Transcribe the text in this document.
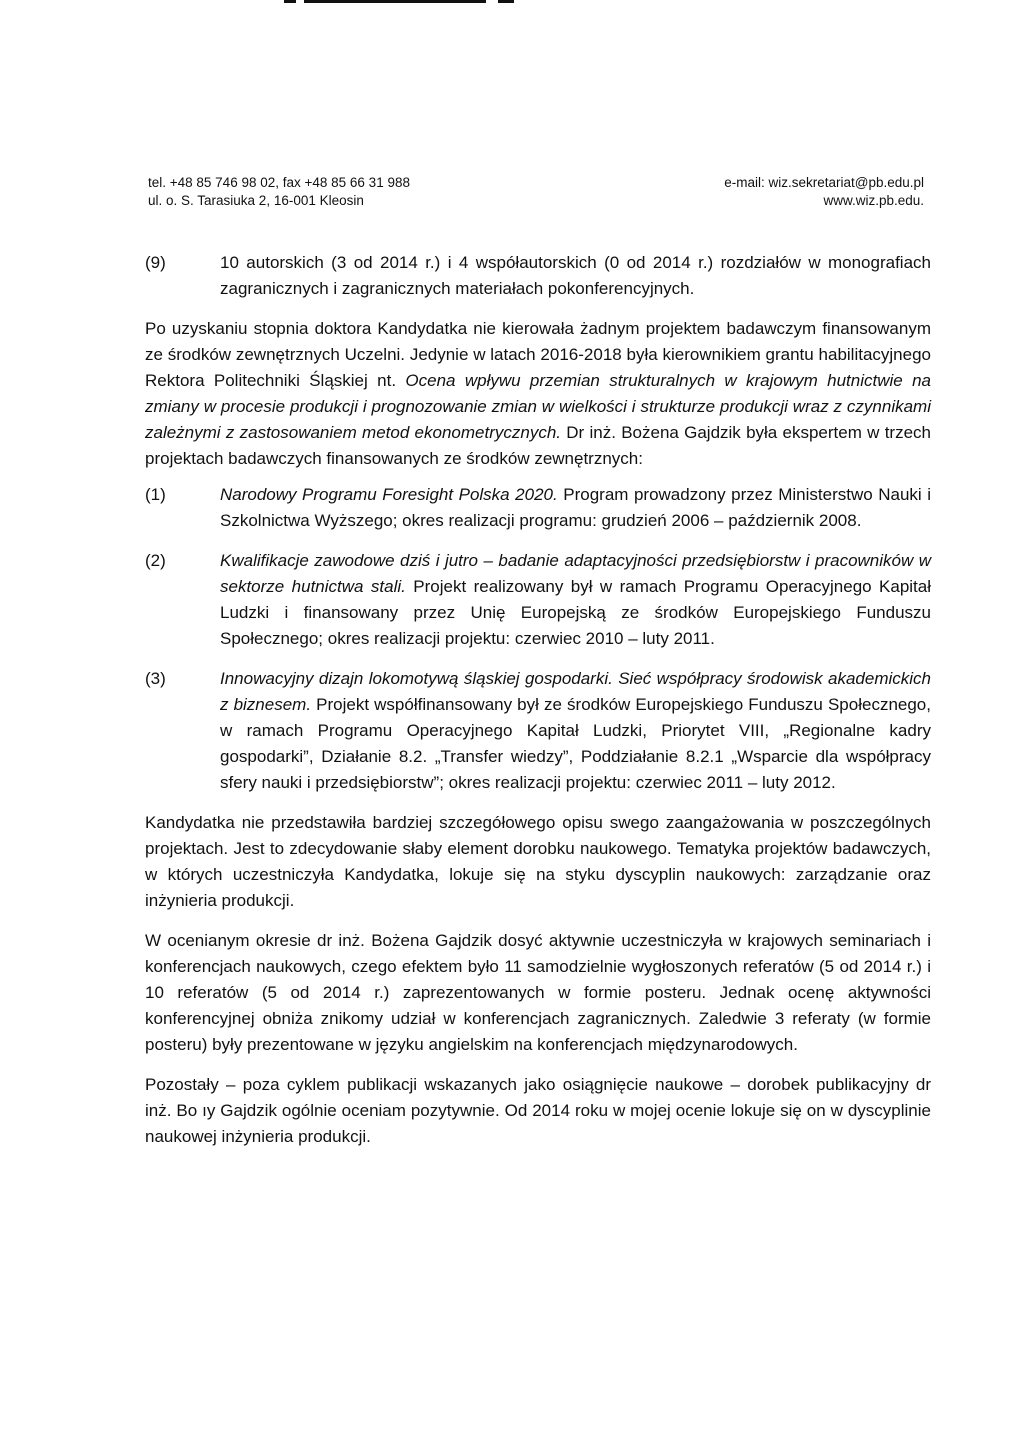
tel. +48 85 746 98 02, fax +48 85 66 31 988
ul. o. S. Tarasiuka 2, 16-001 Kleosin
e-mail: wiz.sekretariat@pb.edu.pl
www.wiz.pb.edu.
(9)	10 autorskich (3 od 2014 r.) i 4 współautorskich (0 od 2014 r.) rozdziałów w monografiach zagranicznych i zagranicznych materiałach pokonferencyjnych.

Po uzyskaniu stopnia doktora Kandydatka nie kierowała żadnym projektem badawczym finansowanym ze środków zewnętrznych Uczelni. Jedynie w latach 2016-2018 była kierownikiem grantu habilitacyjnego Rektora Politechniki Śląskiej nt. Ocena wpływu przemian strukturalnych w krajowym hutnictwie na zmiany w procesie produkcji i prognozowanie zmian w wielkości i strukturze produkcji wraz z czynnikami zależnymi z zastosowaniem metod ekonometrycznych. Dr inż. Bożena Gajdzik była ekspertem w trzech projektach badawczych finansowanych ze środków zewnętrznych:

(1)	Narodowy Programu Foresight Polska 2020. Program prowadzony przez Ministerstwo Nauki i Szkolnictwa Wyższego; okres realizacji programu: grudzień 2006 – październik 2008.
(2)	Kwalifikacje zawodowe dziś i jutro – badanie adaptacyjności przedsiębiorstw i pracowników w sektorze hutnictwa stali. Projekt realizowany był w ramach Programu Operacyjnego Kapitał Ludzki i finansowany przez Unię Europejską ze środków Europejskiego Funduszu Społecznego; okres realizacji projektu: czerwiec 2010 – luty 2011.
(3)	Innowacyjny dizajn lokomotywą śląskiej gospodarki. Sieć współpracy środowisk akademickich z biznesem. Projekt współfinansowany był ze środków Europejskiego Funduszu Społecznego, w ramach Programu Operacyjnego Kapitał Ludzki, Priorytet VIII, „Regionalne kadry gospodarki”, Działanie 8.2. „Transfer wiedzy”, Poddziałanie 8.2.1 „Wsparcie dla współpracy sfery nauki i przedsiębiorstw”; okres realizacji projektu: czerwiec 2011 – luty 2012.

Kandydatka nie przedstawiła bardziej szczegółowego opisu swego zaangażowania w poszczególnych projektach. Jest to zdecydowanie słaby element dorobku naukowego. Tematyka projektów badawczych, w których uczestniczyła Kandydatka, lokuje się na styku dyscyplin naukowych: zarządzanie oraz inżynieria produkcji.

W ocenianym okresie dr inż. Bożena Gajdzik dosyć aktywnie uczestniczyła w krajowych seminariach i konferencjach naukowych, czego efektem było 11 samodzielnie wygłoszonych referatów (5 od 2014 r.) i 10 referatów (5 od 2014 r.) zaprezentowanych w formie posteru. Jednak ocenę aktywności konferencyjnej obniża znikomy udział w konferencjach zagranicznych. Zaledwie 3 referaty (w formie posteru) były prezentowane w języku angielskim na konferencjach międzynarodowych.

Pozostały – poza cyklem publikacji wskazanych jako osiągnięcie naukowe – dorobek publikacyjny dr inż. Bo ıy Gajdzik ogólnie oceniam pozytywnie. Od 2014 roku w mojej ocenie lokuje się on w dyscyplinie naukowej inżynieria produkcji.
